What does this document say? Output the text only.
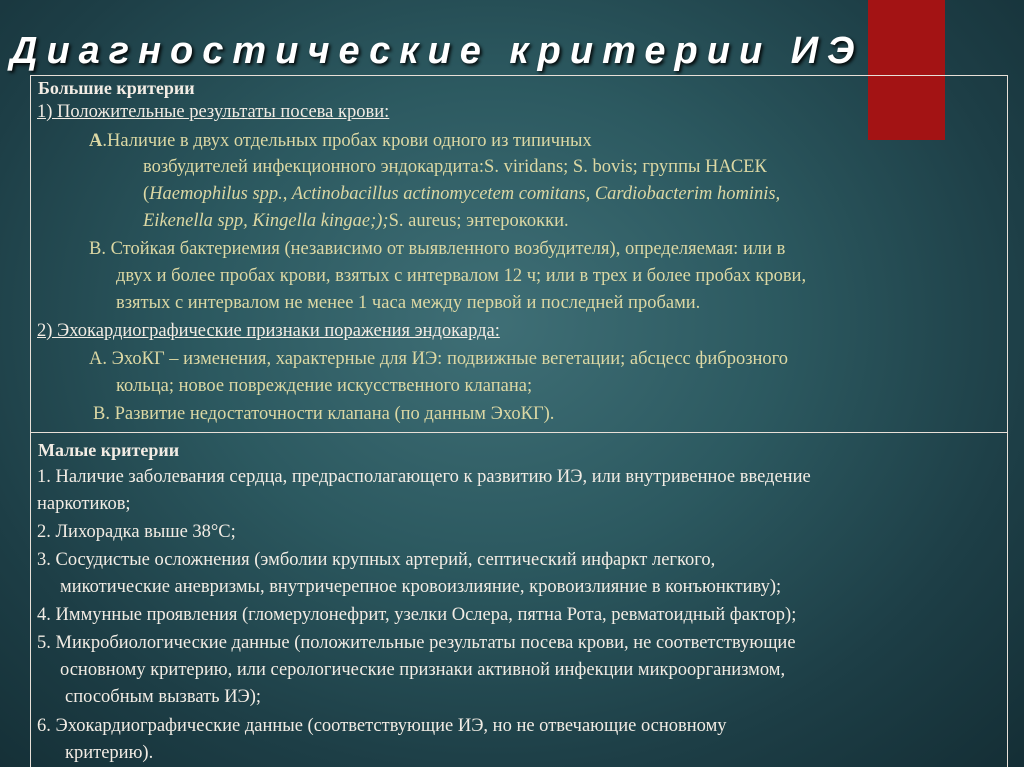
Диагностические критерии ИЭ
Большие критерии
1) Положительные результаты посева крови:
А.Наличие в двух отдельных пробах крови одного из типичных
возбудителей инфекционного эндокардита:S. viridans; S. bovis; группы НАСЕК
(Haemophilus spp., Actinobacillus actinomycetem comitans, Cardiobacterim hominis,
Eikenella spp, Kingella kingae;);S. aureus; энтерококки.
В. Стойкая бактериемия (независимо от выявленного возбудителя), определяемая: или в
двух и более пробах крови, взятых с интервалом 12 ч; или в трех и более пробах крови,
взятых с интервалом не менее 1 часа между первой и последней пробами.
2) Эхокардиографические признаки поражения эндокарда:
А. ЭхоКГ – изменения, характерные для ИЭ: подвижные вегетации; абсцесс фиброзного
кольца; новое повреждение искусственного клапана;
В. Развитие недостаточности клапана (по данным ЭхоКГ).
Малые критерии
1. Наличие заболевания сердца, предрасполагающего к развитию ИЭ, или внутривенное введение
наркотиков;
2. Лихорадка выше 38°С;
3. Сосудистые осложнения (эмболии крупных артерий, септический инфаркт легкого,
микотические аневризмы, внутричерепное кровоизлияние, кровоизлияние в конъюнктиву);
4. Иммунные проявления (гломерулонефрит, узелки Ослера, пятна Рота, ревматоидный фактор);
5. Микробиологические данные (положительные результаты посева крови, не соответствующие
основному критерию, или серологические признаки активной инфекции микроорганизмом,
способным вызвать ИЭ);
6. Эхокардиографические данные (соответствующие ИЭ, но не отвечающие основному
критерию).
